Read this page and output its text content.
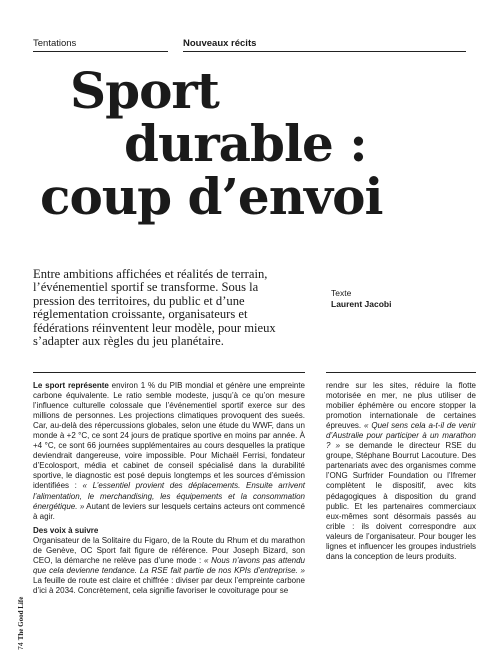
Tentations	Nouveaux récits
Sport
durable :
coup d’envoi
Entre ambitions affichées et réalités de terrain, l’événementiel sportif se transforme. Sous la pression des territoires, du public et d’une réglementation croissante, organisateurs et fédérations réinventent leur modèle, pour mieux s’adapter aux règles du jeu planétaire.
Texte
Laurent Jacobi

Le sport représente environ 1 % du PIB mondial et génère une empreinte carbone équivalente. Le ratio semble modeste, jusqu’à ce qu’on mesure l’influence culturelle colossale que l’événementiel sportif exerce sur des millions de personnes. Les projections climatiques provoquent des sueés. Car, au-delà des répercussions globales, selon une étude du WWF, dans un monde à +2 °C, ce sont 24 jours de pratique sportive en moins par année. À +4 °C, ce sont 66 journées supplémentaires au cours desquelles la pratique deviendrait dangereuse, voire impossible. Pour Michaël Ferrisi, fondateur d’Ecolosport, média et cabinet de conseil spécialisé dans la durabilité sportive, le diagnostic est posé depuis longtemps et les sources d’émission identifiées : « L’essentiel provient des déplacements. Ensuite arrivent l’alimentation, le merchandising, les équipements et la consommation énergétique. » Autant de leviers sur lesquels certains acteurs ont commencé à agir.

Des voix à suivre

Organisateur de la Solitaire du Figaro, de la Route du Rhum et du marathon de Genève, OC Sport fait figure de référence. Pour Joseph Bizard, son CEO, la démarche ne relève pas d’une mode : « Nous n’avons pas attendu que cela devienne tendance. La RSE fait partie de nos KPIs d’entreprise. » La feuille de route est claire et chiffrée : diviser par deux l’empreinte carbone d’ici à 2034. Concrètement, cela signifie favoriser le covoiturage pour se

rendre sur les sites, réduire la flotte motorisée en mer, ne plus utiliser de mobilier éphémère ou encore stopper la promotion internationale de certaines épreuves. « Quel sens cela a-t-il de venir d’Australie pour participer à un marathon ? » se demande le directeur RSE du groupe, Stéphane Bourrut Lacouture. Des partenariats avec des organismes comme l’ONG Surfrider Foundation ou l’Ifremer complètent le dispositif, avec kits pédagogiques à disposition du grand public. Et les partenaires commerciaux eux-mêmes sont désormais passés au crible : ils doivent correspondre aux valeurs de l’organisateur. Pour bouger les lignes et influencer les groupes industriels dans la conception de leurs produits.

74 The Good Life
